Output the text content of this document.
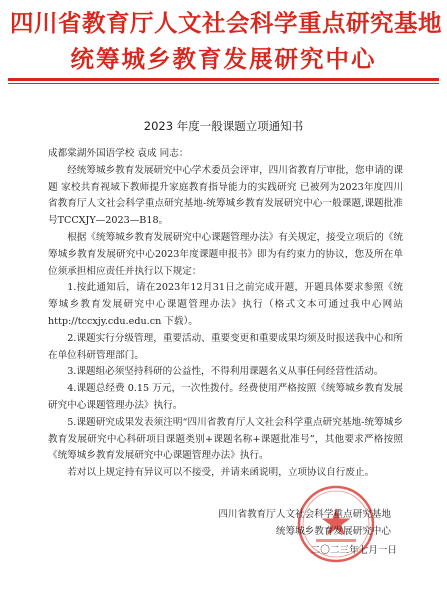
四川省教育厅人文社会科学重点研究基地
统筹城乡教育发展研究中心
2023 年度一般课题立项通知书

成都棠湖外国语学校 袁成 同志：

经统筹城乡教育发展研究中心学术委员会评审，四川省教育厅审批，您申请的课题 家校共育视域下教师提升家庭教育指导能力的实践研究 已被列为2023年度四川省教育厅人文社会科学重点研究基地-统筹城乡教育发展研究中心一般课题,课题批准号TCCXJY—2023—B18。

根据《统筹城乡教育发展研究中心课题管理办法》有关规定，接受立项后的《统筹城乡教育发展研究中心2023年度课题申报书》即为有约束力的协议，您及所在单位须承担相应责任并执行以下规定：

1.按此通知后，请在2023年12月31日之前完成开题，开题具体要求参照《统筹城乡教育发展研究中心课题管理办法》执行（格式文本可通过我中心网站 http://tccxjy.cdu.edu.cn 下载）。

2.课题实行分级管理，重要活动、重要变更和重要成果均须及时报送我中心和所在单位科研管理部门。

3.课题组必须坚持科研的公益性，不得利用课题名义从事任何经营性活动。

4.课题总经费 0.15 万元，一次性拨付。经费使用严格按照《统筹城乡教育发展研究中心课题管理办法》执行。

5.课题研究成果发表须注明“四川省教育厅人文社会科学重点研究基地-统筹城乡教育发展研究中心科研项目课题类别+课题名称+课题批准号”，其他要求严格按照《统筹城乡教育发展研究中心课题管理办法》执行。

若对以上规定持有异议可以不接受，并请来函说明，立项协议自行废止。

四川省教育厅人文社会科学重点研究基地
统筹城乡教育发展研究中心
二〇二三年七月一日
